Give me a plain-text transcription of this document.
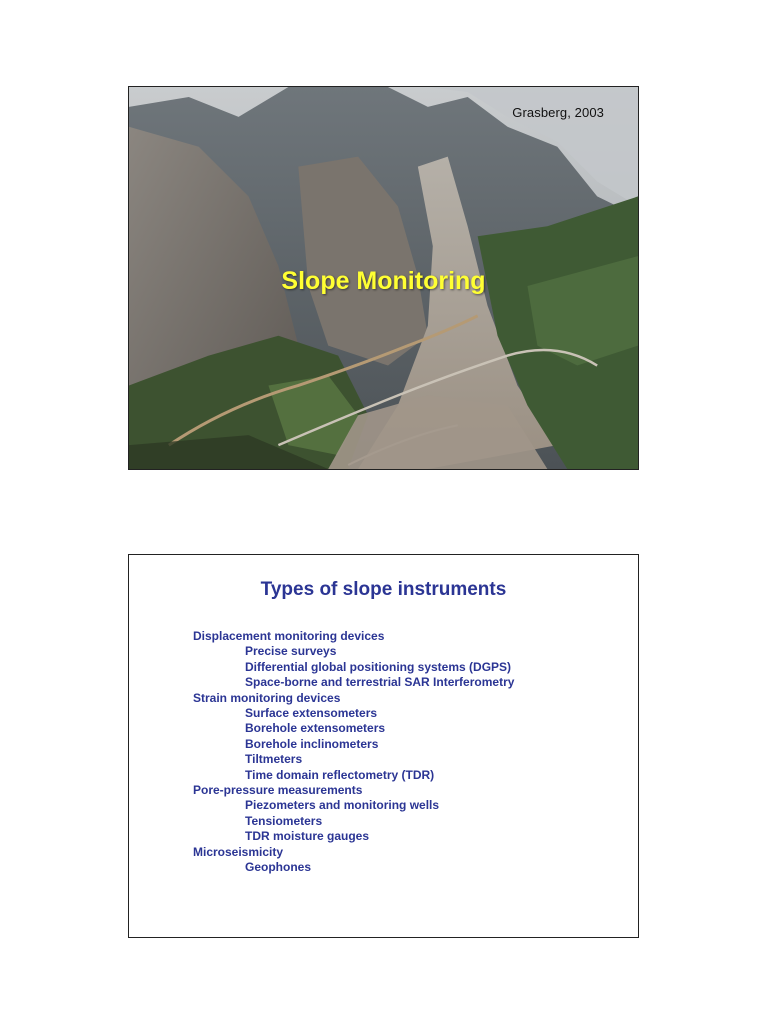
Grasberg, 2003
Slope Monitoring
Types of slope instruments
Displacement monitoring devices
Precise surveys
Differential global positioning systems (DGPS)
Space-borne and terrestrial SAR Interferometry
Strain monitoring devices
Surface extensometers
Borehole extensometers
Borehole inclinometers
Tiltmeters
Time domain reflectometry (TDR)
Pore-pressure measurements
Piezometers and monitoring wells
Tensiometers
TDR moisture gauges
Microseismicity
Geophones
